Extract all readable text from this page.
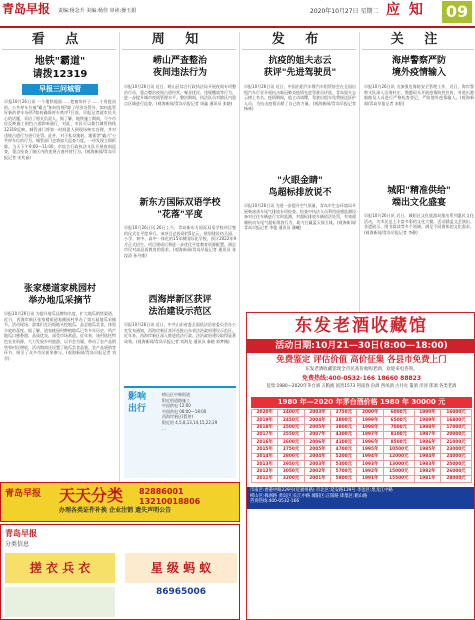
青岛早报	责编:杨念升 美编:杨佳 审读:操玉娟	2020年10月27日 星期二 应 知 09
看 点	周 知	发 布	关 注
地铁"霸道"
请拨12319
早报三问城管
早报10月26日讯 一个地铁地面……把窗帘杆子……个贵疫苗的，公共停车位被"霸占"如何处理?除了经济处罚外，如何监管好新的停车场所?如何确保停车秩序?日前，早报记者就市民关心的话题，采访了相关负责人。据了解，地铁施工期间，不少市民反映施工围挡占道影响通行，对此，市民可以拨打城管热线12319反映。城管部门将第一时间派人到现场核实处理，并对违规占道行为进行处罚。此外，对于私设地桩、地锁等"霸占"公共停车位的行为，城管部门也将加大巡查力度，一经发现立即拆除。当天下午9:00—11:00，市综合行政执法支队开展夜间巡查，重点检查了辖区内的违规占道经营行为。(观海新闻/青岛早报记者 宋兆禄)
张家楼道家桃园村
举办地瓜采摘节
早报10月26日讯 为提升地瓜品牌知名度，扩大地瓜销售渠道，近日，西海岸新区张家楼街道家桃园村举办了第五届地瓜采摘节。活动现场，游客们在田间地头挖地瓜、品尝地瓜美食，体验丰收的喜悦。据了解，道家桃园村种植地瓜已有多年历史，所产地瓜口感香甜、品质优良，深受市场欢迎。近年来，该村依托特色农业资源，大力发展乡村旅游，以节会为媒，带动了农产品销售和村民增收。活动期间还设置了地瓜美食品鉴、农产品展销等环节，吸引了众多市民前来参与。(观海新闻/青岛早报记者 刘学)
崂山严查整治
夜间违法行为
早报10月26日讯 近日，崂山区综合行政执法局开展夜间专项整治行动，重点整治夜间占道经营、噪音扰民、违规撒放等行为，进一步提升城市夜间管理水平。整治期间，执法队员对辖区内重点区域进行巡查。(观海新闻/青岛早报记者 周鑫 通讯员 张晓)
新东方国际双语学校
"花落"平度
早报10月26日讯 26日上午，青岛新东方国际双语学校项目签约仪式在平度举行。该项目总投资约5亿元，规划建设幼儿园、小学、初中、高中一体化的15年制国际化学校，预计2022年9月正式招生。项目建成后将进一步优化平度教育资源配置，满足市民对高品质教育的需求。(观海新闻/青岛早报记者 通讯员 张纹清 孙丹维)
西海岸新区获评
法治建设示范区
早报10月26日讯 近日，中共山东省委全面依法治省委员会办公室发布通知，西海岸新区获评首批山东省法治政府建设示范区。近年来，西海岸新区深入推进依法行政，法治政府建设取得显著成效。(观海新闻/青岛早报记者 刘海龙 通讯员 秦晓 郭梦楠)
影响
出行
崂山区中韩街道
附近的道路施工
中国供电 12:00
中国供电 08:00—18:00
西海岸新区(暂停)
附近的 4,5,8,13,14,15,22,29
…
抗疫的姐夫志云
获评"先进驾驶员"
早报10月26日讯 近日，中国出租汽车暨汽车租赁协会在全国出租汽车行业开展抗击新冠肺炎疫情先进驾驶员评选，青岛姐夫志云榜上有名。疫情期间，他主动请缨，驾驶出租车免费接送医护人员，为抗击疫情贡献了自己的力量。(观海新闻/青岛早报记者 杨林)
"火眼金睛"
鸟超标排放说不
早报10月26日讯 为进一步提升空气质量，青岛市生态环境局开展柴油货车尾气排放专项检查。检查中执法人员利用遥感监测设备对过往车辆进行实时监测，对超标排放车辆依法处罚，有效遏制机动车尾气超标排放行为，助力打赢蓝天保卫战。(观海新闻/青岛早报记者 李俊 通讯员 潘曦)
海岸警察严防
境外疫情输入
早报10月26日讯 为加强边海防安全管理工作，近日，海岸警察支队深入沿海村庄、渔港码头开展疫情防控宣传，对进出港船舶及人员进行严格检查登记，严防境外疫情输入。(观海新闻/青岛早报记者 宋阳)
城阳"精准供给"
端出文化盛宴
早报10月26日讯 近日，城阳区文化旅游局推出系列惠民文化活动，为市民送上丰富多彩的文化大餐。活动涵盖文艺演出、非遗展示、图书阅读等多个领域，满足不同群体的文化需求。(观海新闻/青岛早报记者 李静)
东发老酒收藏馆
活动日期:10月21—30日(8:00—18:00)
免费鉴定 评估价值 高价征集 各县市免费上门
东发老酒收藏馆现全市民高价收购老酒，欢迎来电咨询。
免费热线:400-0532-166 18660 88823
征集:1980—2020年茅台酒 五粮液 国窖1573 剑南春 汾酒 西凤酒 古井贡 董酒 洋河 郎酒 各类老酒
1980 年—2020 年茅台酒价格 1980 年 30000 元
2020年	2400元	2003年	3750元	2000年	6000元	1990年	16000元
2019年	2450元	2004年	3800元	1999年	6500元	1989年	16800元
2018年	2500元	2005年	3800元	1998年	7000元	1988年	17000元
2017年	2550元	2007年	4300元	1997年	8100元	1987年	20000元
2016年	2600元	2006年	4100元	1996年	8500元	1986年	21000元
2015年	2750元	2005年	4700元	1995年	10500元	1985年	23000元
2014年	2800元	2004年	5200元	1994年	12000元	1984年	24000元
2013年	2950元	2003年	5300元	1993年	13000元	1983年	25000元
2012年	3050元	2002年	5700元	1992年	15000元	1982年	26000元
2011年	3200元	2001年	5800元	1991年	15500元	1981年	28000元
市南区:香港中路229号(近福州路) 市北区:延安路139号 李沧区:黑龙江中路
崂山区:株洲路 黄岛区:长江中路 城阳区:正阳路 即墨区:鹤山路
咨询热线:400-0532-166
青岛早报 天天分类 82886001 13210018806
办理各类证件补换 企业注销 遗失声明公告
青岛早报
分类信息
搓 衣 兵 衣	星 级 蚂 蚁
86965006
